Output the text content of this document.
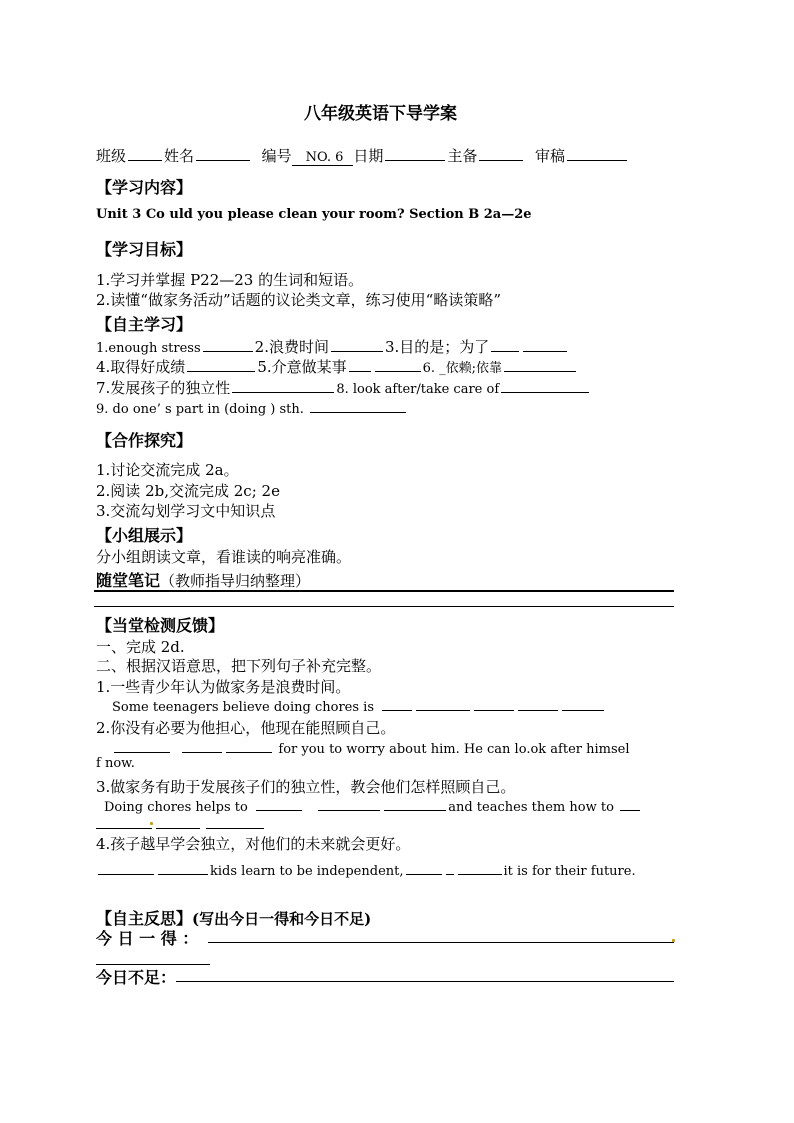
八年级英语下导学案
班级	姓名	编号 NO. 6 日期	主备	审稿
【学习内容】
Unit 3 Co uld you please clean your room? Section B 2a—2e
【学习目标】
1.学习并掌握 P22—23 的生词和短语。
2.读懂“做家务活动”话题的议论类文章，练习使用“略读策略”
【自主学习】
1.enough stress	2.浪费时间	3.目的是；为了
4.取得好成绩	5.介意做某事	6. _依赖;依靠
7.发展孩子的独立性	8. look after/take care of
9. do one’ s part in (doing ) sth.
【合作探究】
1.讨论交流完成 2a。
2.阅读 2b,交流完成 2c; 2e
3.交流勾划学习文中知识点
【小组展示】
分小组朗读文章，看谁读的响亮准确。
随堂笔记（教师指导归纳整理）
【当堂检测反馈】
一、完成 2d.
二、根据汉语意思，把下列句子补充完整。
1.一些青少年认为做家务是浪费时间。
Some teenagers believe doing chores is
2.你没有必要为他担心，他现在能照顾自己。
for you to worry about him. He can lo.ok after himsel
f now.
3.做家务有助于发展孩子们的独立性，教会他们怎样照顾自己。
Doing chores helps to	and teaches them how to
4.孩子越早学会独立，对他们的未来就会更好。
kids learn to be independent,	it is for their future.
【自主反思】(写出今日一得和今日不足)
今 日 一 得 ：
今日不足：
